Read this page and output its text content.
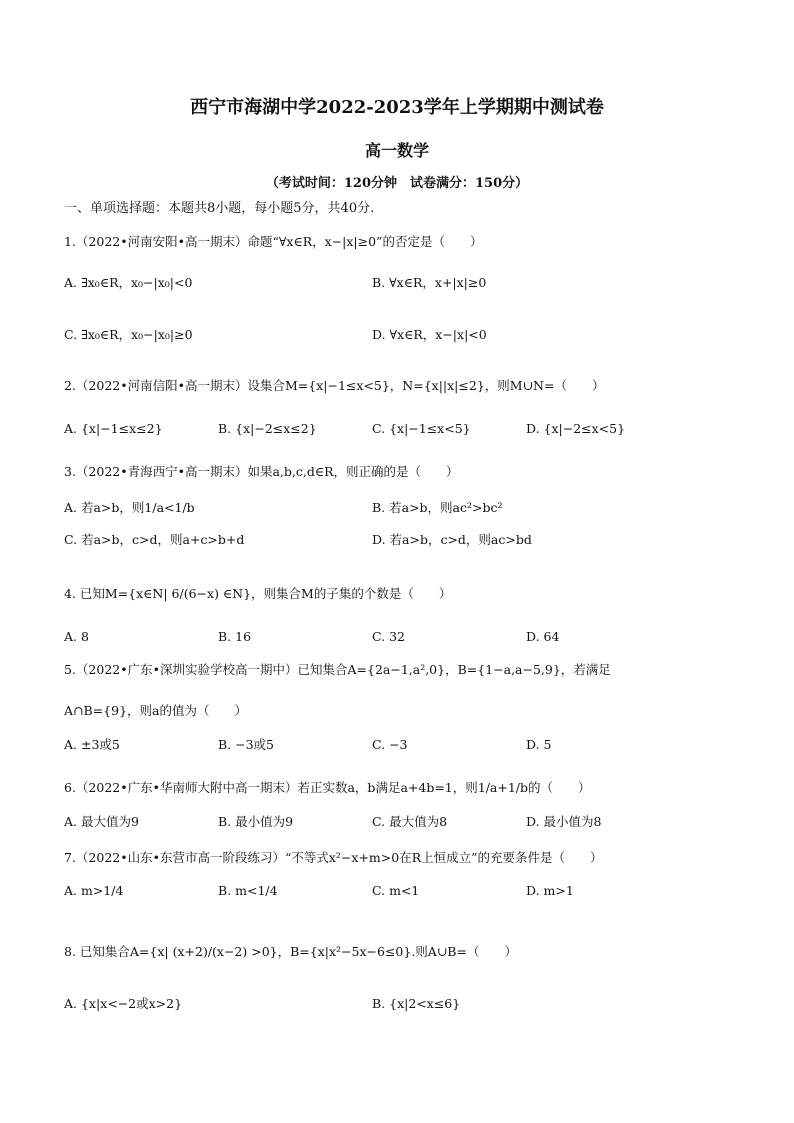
西宁市海湖中学2022-2023学年上学期期中测试卷
高一数学
（考试时间：120分钟　试卷满分：150分）
一、单项选择题：本题共8小题，每小题5分，共40分.
1.（2022•河南安阳•高一期末）命题“∀x∈R，x−|x|≥0”的否定是（　　）
A. ∃x₀∈R，x₀−|x₀|<0	B. ∀x∈R，x+|x|≥0
C. ∃x₀∈R，x₀−|x₀|≥0	D. ∀x∈R，x−|x|<0
2.（2022•河南信阳•高一期末）设集合M={x|−1≤x<5}，N={x||x|≤2}，则M∪N=（　　）
A. {x|−1≤x≤2}	B. {x|−2≤x≤2}	C. {x|−1≤x<5}	D. {x|−2≤x<5}
3.（2022•青海西宁•高一期末）如果a,b,c,d∈R，则正确的是（　　）
A. 若a>b，则1/a<1/b	B. 若a>b，则ac²>bc²
C. 若a>b，c>d，则a+c>b+d	D. 若a>b，c>d，则ac>bd
4. 已知M={x∈N| 6/(6−x) ∈N}，则集合M的子集的个数是（　　）
A. 8	B. 16	C. 32	D. 64
5.（2022•广东•深圳实验学校高一期中）已知集合A={2a−1,a²,0}，B={1−a,a−5,9}，若满足
A∩B={9}，则a的值为（　　）
A. ±3或5	B. −3或5	C. −3	D. 5
6.（2022•广东•华南师大附中高一期末）若正实数a，b满足a+4b=1，则1/a+1/b的（　　）
A. 最大值为9	B. 最小值为9	C. 最大值为8	D. 最小值为8
7.（2022•山东•东营市高一阶段练习）“不等式x²−x+m>0在R上恒成立”的充要条件是（　　）
A. m>1/4	B. m<1/4	C. m<1	D. m>1
8. 已知集合A={x| (x+2)/(x−2) >0}，B={x|x²−5x−6≤0}.则A∪B=（　　）
A. {x|x<−2或x>2}	B. {x|2<x≤6}
